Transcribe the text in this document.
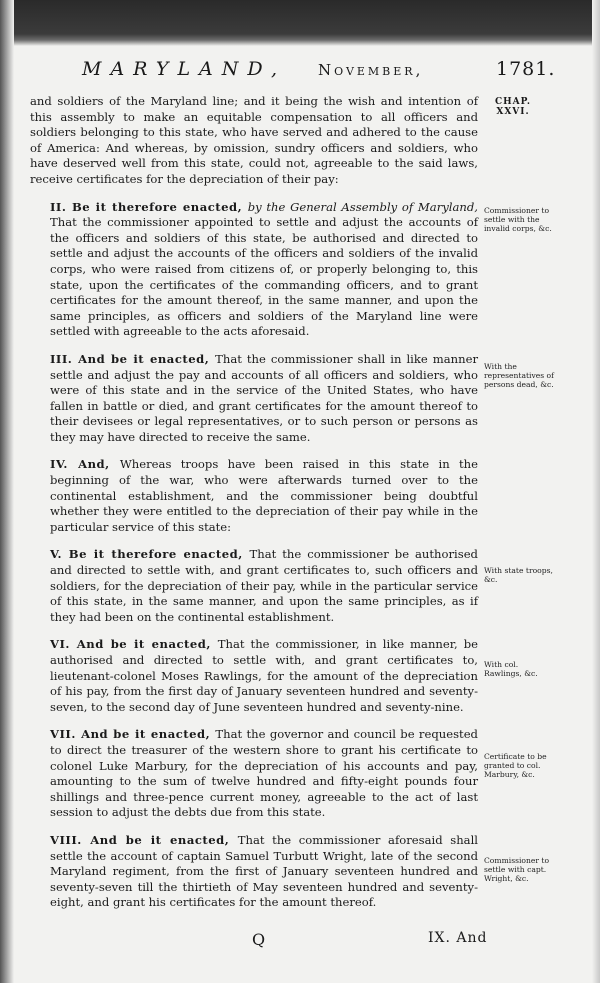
MARYLAND, November,	1781.
CHAP. XXVI.

and soldiers of the Maryland line; and it being the wish and intention of this assembly to make an equitable compensation to all officers and soldiers belonging to this state, who have served and adhered to the cause of America: And whereas, by omission, sundry officers and soldiers, who have deserved well from this state, could not, agreeable to the said laws, receive certificates for the depreciation of their pay:

II. Be it therefore enacted, by the General Assembly of Maryland, That the commissioner appointed to settle and adjust the accounts of the officers and soldiers of this state, be authorised and directed to settle and adjust the accounts of the officers and soldiers of the invalid corps, who were raised from citizens of, or properly belonging to, this state, upon the certificates of the commanding officers, and to grant certificates for the amount thereof, in the same manner, and upon the same principles, as officers and soldiers of the Maryland line were settled with agreeable to the acts aforesaid.

III. And be it enacted, That the commissioner shall in like manner settle and adjust the pay and accounts of all officers and soldiers, who were of this state and in the service of the United States, who have fallen in battle or died, and grant certificates for the amount thereof to their devisees or legal representatives, or to such person or persons as they may have directed to receive the same.

IV. And, Whereas troops have been raised in this state in the beginning of the war, who were afterwards turned over to the continental establishment, and the commissioner being doubtful whether they were entitled to the depreciation of their pay while in the particular service of this state:

V. Be it therefore enacted, That the commissioner be authorised and directed to settle with, and grant certificates to, such officers and soldiers, for the depreciation of their pay, while in the particular service of this state, in the same manner, and upon the same principles, as if they had been on the continental establishment.

VI. And be it enacted, That the commissioner, in like manner, be authorised and directed to settle with, and grant certificates to, lieutenant-colonel Moses Rawlings, for the amount of the depreciation of his pay, from the first day of January seventeen hundred and seventy-seven, to the second day of June seventeen hundred and seventy-nine.

VII. And be it enacted, That the governor and council be requested to direct the treasurer of the western shore to grant his certificate to colonel Luke Marbury, for the depreciation of his accounts and pay, amounting to the sum of twelve hundred and fifty-eight pounds four shillings and three-pence current money, agreeable to the act of last session to adjust the debts due from this state.

VIII. And be it enacted, That the commissioner aforesaid shall settle the account of captain Samuel Turbutt Wright, late of the second Maryland regiment, from the first of January seventeen hundred and seventy-seven till the thirtieth of May seventeen hundred and seventy-eight, and grant his certificates for the amount thereof.

Commissioner to settle with the invalid corps, &c.
With the representatives of persons dead, &c.
With state troops, &c.
With col. Rawlings, &c.
Certificate to be granted to col. Marbury, &c.
Commissioner to settle with capt. Wright, &c.
Q	IX. And
